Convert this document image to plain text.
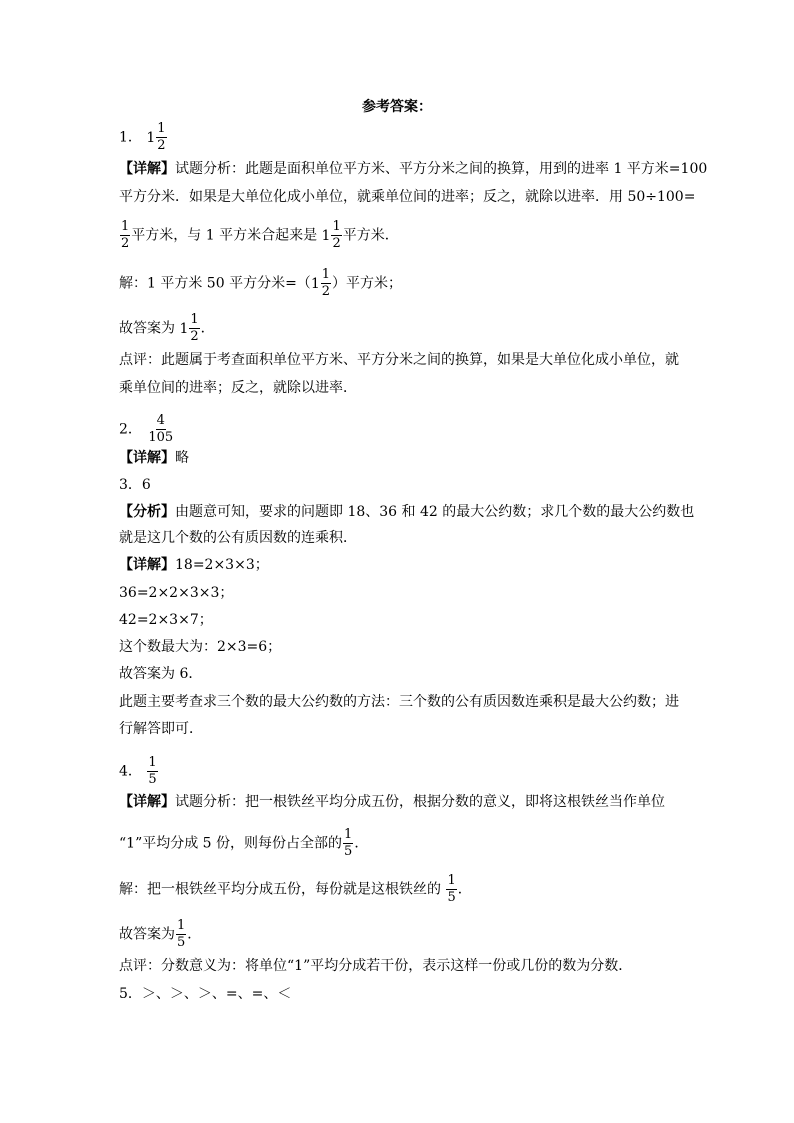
参考答案：
1． $1 \frac{1}{2}$
【详解】试题分析：此题是面积单位平方米、平方分米之间的换算，用到的进率 1 平方米=100
平方分米．如果是大单位化成小单位，就乘单位间的进率；反之，就除以进率．用 50÷100=
$\frac{1}{2}$ 平方米，与 1 平方米合起来是 $1 \frac{1}{2}$ 平方米．
解：1 平方米 50 平方分米$=(1 \frac{1}{2}$ ）平方米；
故答案为 $1 \frac{1}{2}$ ．
点评：此题属于考查面积单位平方米、平方分米之间的换算，如果是大单位化成小单位，就
乘单位间的进率；反之，就除以进率．
2． $\frac{4}{105}$
【详解】略
3．6
【分析】由题意可知，要求的问题即 18、36 和 42 的最大公约数；求几个数的最大公约数也
就是这几个数的公有质因数的连乘积．
【详解】18=2×3×3；
36=2×2×3×3；
42=2×3×7；
这个数最大为：2×3=6；
故答案为 6．
此题主要考查求三个数的最大公约数的方法：三个数的公有质因数连乘积是最大公约数；进
行解答即可．
4． $\frac{1}{5}$
【详解】试题分析：把一根铁丝平均分成五份，根据分数的意义，即将这根铁丝当作单位
“1”平均分成 5 份，则每份占全部的 $\frac{1}{5}$ ．
解：把一根铁丝平均分成五份，每份就是这根铁丝的 $\frac{1}{5}$ ．
故答案为 $\frac{1}{5}$ ．
点评：分数意义为：将单位“1”平均分成若干份，表示这样一份或几份的数为分数．
5．＞、＞、＞、=、=、＜
